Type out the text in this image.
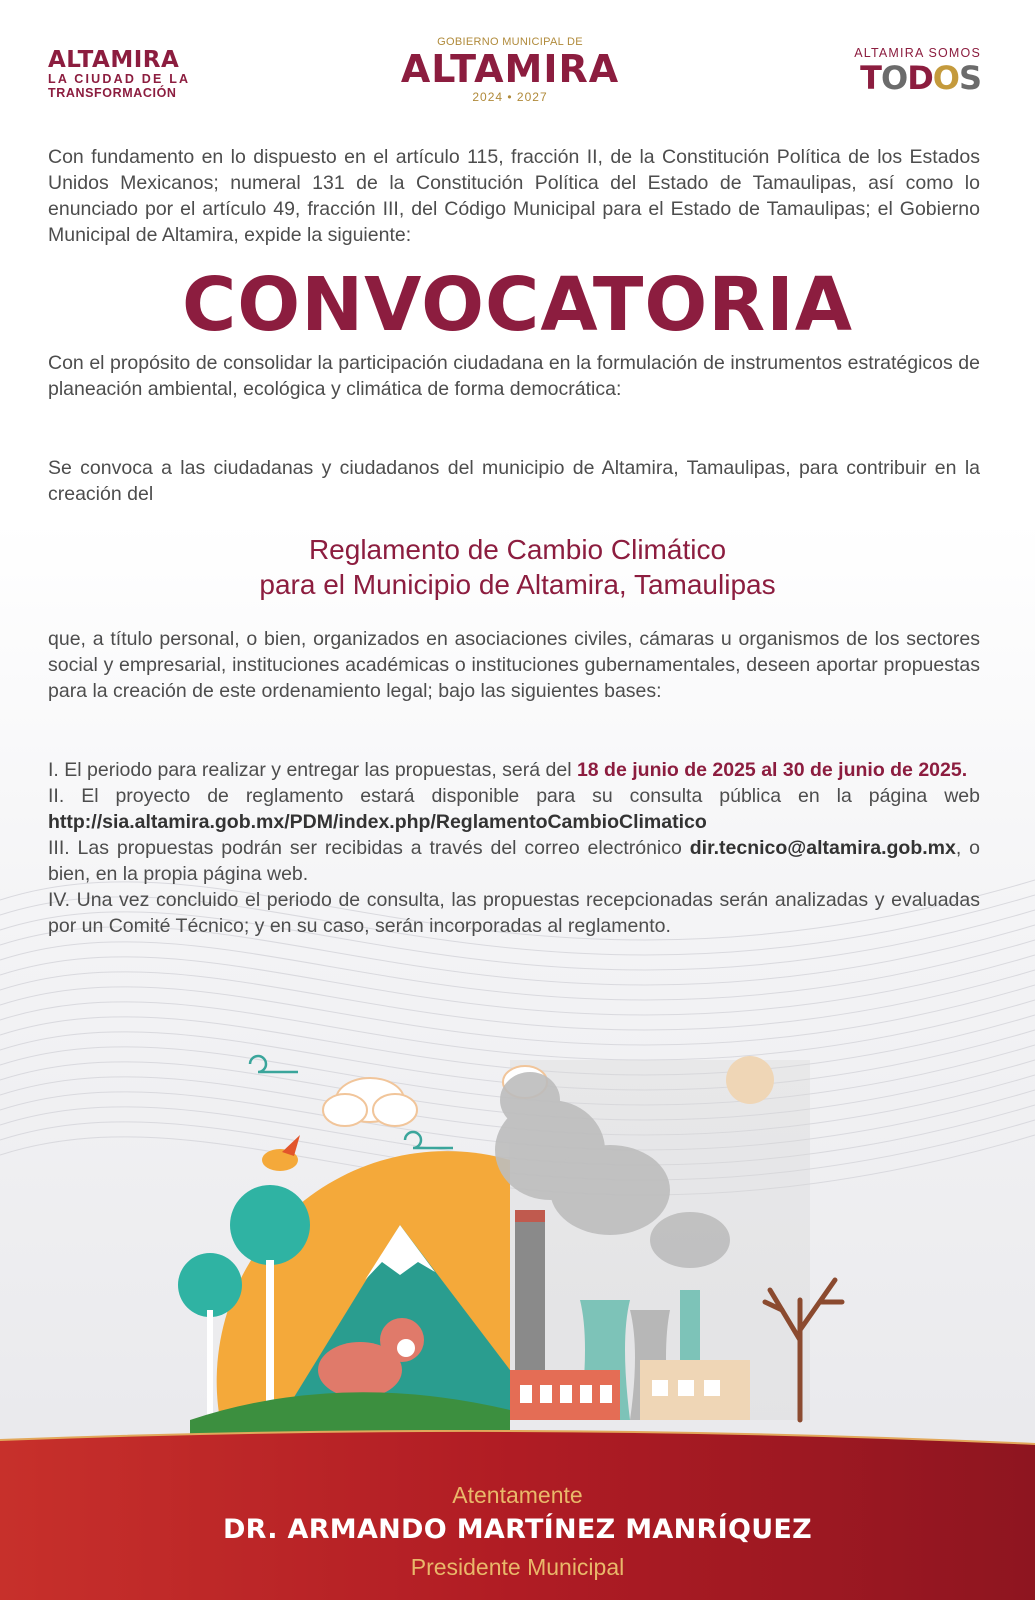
ALTAMIRA
LA CIUDAD DE LA
TRANSFORMACIÓN
GOBIERNO MUNICIPAL DE
ALTAMIRA
2024 • 2027
ALTAMIRA SOMOS
TODOS

Con fundamento en lo dispuesto en el artículo 115, fracción II, de la Constitución Política de los Estados Unidos Mexicanos; numeral 131 de la Constitución Política del Estado de Tamaulipas, así como lo enunciado por el artículo 49, fracción III, del Código Municipal para el Estado de Tamaulipas; el Gobierno Municipal de Altamira, expide la siguiente:

CONVOCATORIA

Con el propósito de consolidar la participación ciudadana en la formulación de instrumentos estratégicos de planeación ambiental, ecológica y climática de forma democrática:

Se convoca a las ciudadanas y ciudadanos del municipio de Altamira, Tamaulipas, para contribuir en la creación del

Reglamento de Cambio Climático
para el Municipio de Altamira, Tamaulipas

que, a título personal, o bien, organizados en asociaciones civiles, cámaras u organismos de los sectores social y empresarial, instituciones académicas o instituciones gubernamentales, deseen aportar propuestas para la creación de este ordenamiento legal; bajo las siguientes bases:

I. El periodo para realizar y entregar las propuestas, será del 18 de junio de 2025 al 30 de junio de 2025.

II. El proyecto de reglamento estará disponible para su consulta pública en la página web http://sia.altamira.gob.mx/PDM/index.php/ReglamentoCambioClimatico

III. Las propuestas podrán ser recibidas a través del correo electrónico dir.tecnico@altamira.gob.mx, o bien, en la propia página web.

IV. Una vez concluido el periodo de consulta, las propuestas recepcionadas serán analizadas y evaluadas por un Comité Técnico; y en su caso, serán incorporadas al reglamento.

Atentamente
DR. ARMANDO MARTÍNEZ MANRÍQUEZ
Presidente Municipal
